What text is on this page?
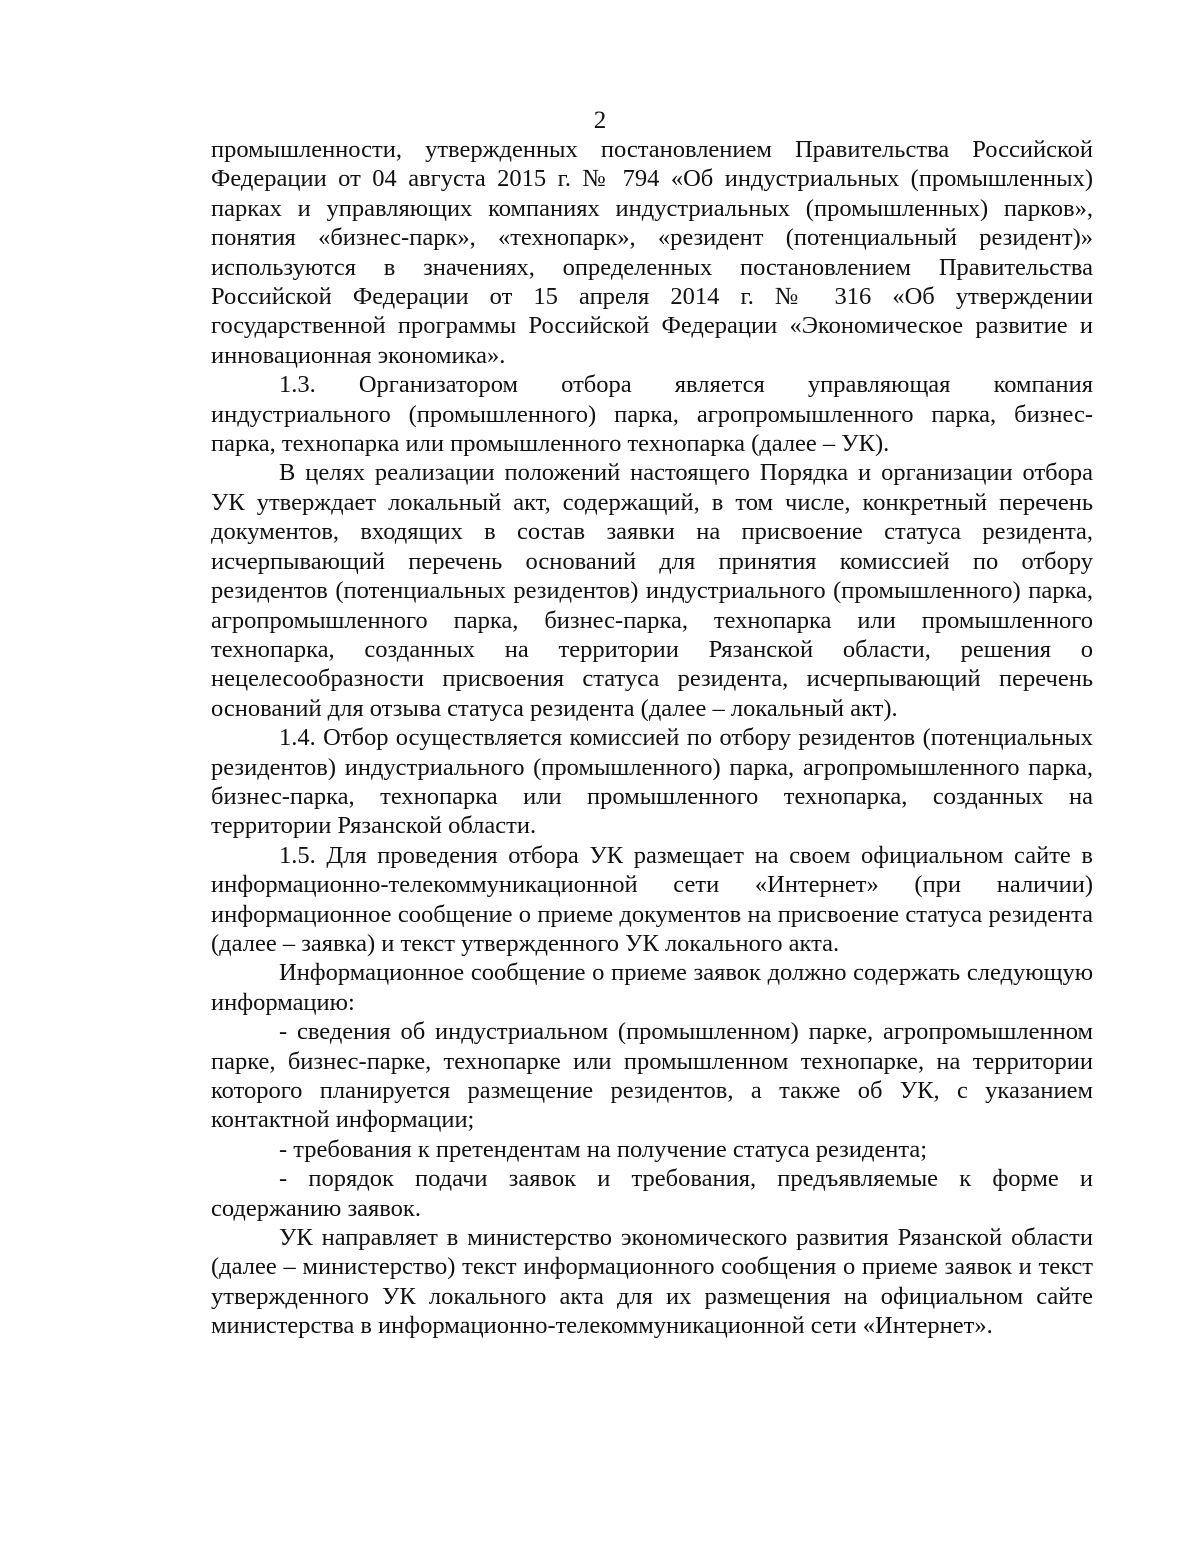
2

промышленности, утвержденных постановлением Правительства Российской Федерации от 04 августа 2015 г. № 794 «Об индустриальных (промышленных) парках и управляющих компаниях индустриальных (промышленных) парков», понятия «бизнес-парк», «технопарк», «резидент (потенциальный резидент)» используются в значениях, определенных постановлением Правительства Российской Федерации от 15 апреля 2014 г. № 316 «Об утверждении государственной программы Российской Федерации «Экономическое развитие и инновационная экономика».

1.3. Организатором отбора является управляющая компания индустриального (промышленного) парка, агропромышленного парка, бизнес-парка, технопарка или промышленного технопарка (далее – УК).

В целях реализации положений настоящего Порядка и организации отбора УК утверждает локальный акт, содержащий, в том числе, конкретный перечень документов, входящих в состав заявки на присвоение статуса резидента, исчерпывающий перечень оснований для принятия комиссией по отбору резидентов (потенциальных резидентов) индустриального (промышленного) парка, агропромышленного парка, бизнес-парка, технопарка или промышленного технопарка, созданных на территории Рязанской области, решения о нецелесообразности присвоения статуса резидента, исчерпывающий перечень оснований для отзыва статуса резидента (далее – локальный акт).

1.4. Отбор осуществляется комиссией по отбору резидентов (потенциальных резидентов) индустриального (промышленного) парка, агропромышленного парка, бизнес-парка, технопарка или промышленного технопарка, созданных на территории Рязанской области.

1.5. Для проведения отбора УК размещает на своем официальном сайте в информационно-телекоммуникационной сети «Интернет» (при наличии) информационное сообщение о приеме документов на присвоение статуса резидента (далее – заявка) и текст утвержденного УК локального акта.

Информационное сообщение о приеме заявок должно содержать следующую информацию:

- сведения об индустриальном (промышленном) парке, агропромышленном парке, бизнес-парке, технопарке или промышленном технопарке, на территории которого планируется размещение резидентов, а также об УК, с указанием контактной информации;

- требования к претендентам на получение статуса резидента;

- порядок подачи заявок и требования, предъявляемые к форме и содержанию заявок.

УК направляет в министерство экономического развития Рязанской области (далее – министерство) текст информационного сообщения о приеме заявок и текст утвержденного УК локального акта для их размещения на официальном сайте министерства в информационно-телекоммуникационной сети «Интернет».
